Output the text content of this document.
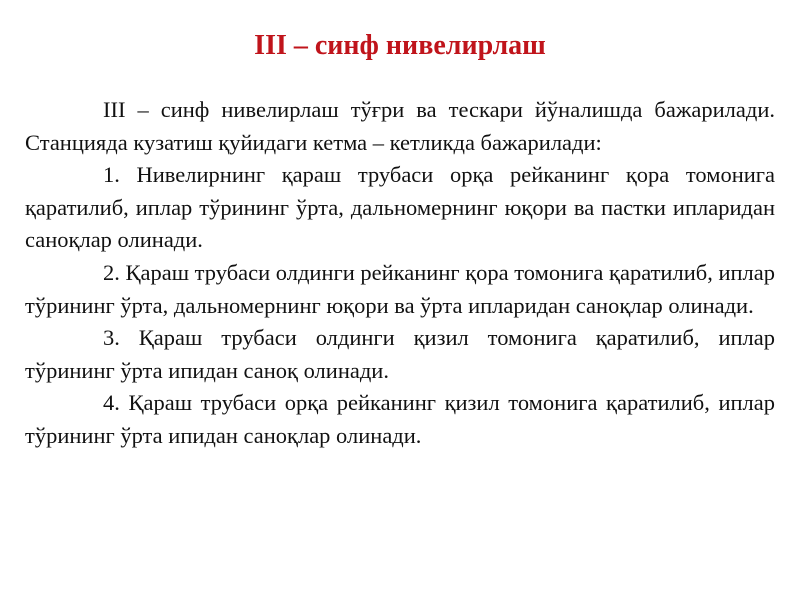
III – синф нивелирлаш

III – синф нивелирлаш тўғри ва тескари йўналишда бажарилади. Станцияда кузатиш қуйидаги кетма – кетликда бажарилади:

1. Нивелирнинг қараш трубаси орқа рейканинг қора томонига қаратилиб, иплар тўрининг ўрта, дальномернинг юқори ва пастки ипларидан саноқлар олинади.

2. Қараш трубаси олдинги рейканинг қора томонига қаратилиб, иплар тўрининг ўрта, дальномернинг юқори ва ўрта ипларидан саноқлар олинади.

3. Қараш трубаси олдинги қизил томонига қаратилиб, иплар тўрининг ўрта ипидан саноқ олинади.

4. Қараш трубаси орқа рейканинг қизил томонига қаратилиб, иплар тўрининг ўрта ипидан саноқлар олинади.
